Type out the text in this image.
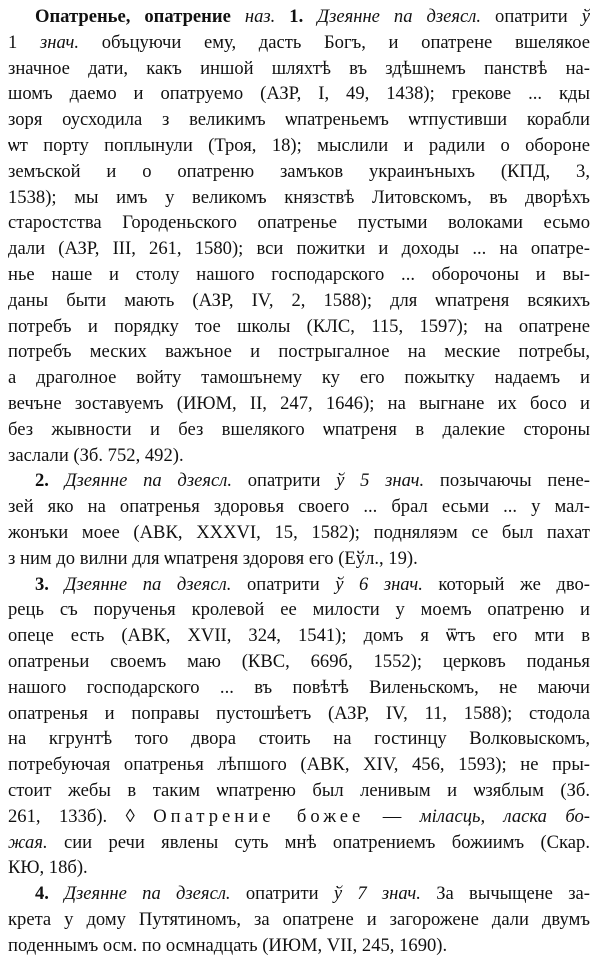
Опатренье, опатрение наз. 1. Дзеянне па дзеясл. опатрити ў
1 знач. объцуючи ему, дасть Богъ, и опатрене вшелякое
значное дати, какъ иншой шляхтѣ въ здѣшнемъ панствѣ на-
шомъ даемо и опатруемо (АЗР, I, 49, 1438); грекове ... кды
зоря оусходила з великимъ ѡпатреньемъ ѡтпустивши корабли
ѡт порту поплынули (Троя, 18); мыслили и радили о обороне
земъской и о опатреню замъков украинъныхъ (КПД, 3,
1538); мы имъ у великомъ князствѣ Литовскомъ, въ дворѣхъ
старостства Городеньского опатренье пустыми волоками есьмо
дали (АЗР, III, 261, 1580); вси пожитки и доходы ... на опатре-
нье наше и столу нашого господарского ... оборочоны и вы-
даны быти мають (АЗР, IV, 2, 1588); для ѡпатреня всякихъ
потребъ и порядку тое школы (КЛС, 115, 1597); на опатрене
потребъ меских важъное и пострыгалное на меские потребы,
а драголное войту тамошънему ку его пожытку надаемъ и
вечъне зоставуемъ (ИЮМ, II, 247, 1646); на выгнане их босо и
без жывности и без вшелякого ѡпатреня в далекие стороны
заслали (Зб. 752, 492).
2. Дзеянне па дзеясл. опатрити ў 5 знач. позычаючы пене-
зей яко на опатренья здоровья своего ... брал есьми ... у мал-
жонъки моее (АВК, XXXVI, 15, 1582); подняляэм се был пахат
з ним до вилни для ѡпатреня здоровя его (Еўл., 19).
3. Дзеянне па дзеясл. опатрити ў 6 знач. который же дво-
рець съ порученья кролевой ее милости у моемъ опатреню и
опеце есть (АВК, XVII, 324, 1541); домъ я ѿтъ его мти в
опатреньи своемъ маю (КВС, 669б, 1552); церковъ поданья
нашого господарского ... въ повѣтѣ Виленьскомъ, не маючи
опатренья и поправы пустошѣетъ (АЗР, IV, 11, 1588); стодола
на кгрунтѣ того двора стоить на гостинцу Волковыскомъ,
потребуючая опатренья лѣпшого (АВК, XIV, 456, 1593); не пры-
стоит жебы в таким ѡпатреню был ленивым и ѡзяблым (Зб.
261, 133б). ◊ Опатрение божее — міласць, ласка бо-
жая. сии речи явлены суть мнѣ опатрениемъ божиимъ (Скар.
КЮ, 18б).
4. Дзеянне па дзеясл. опатрити ў 7 знач. За вычыщене за-
крета у дому Путятиномъ, за опатрене и загорожене дали двумъ
поденнымъ осм. по осмнадцать (ИЮМ, VII, 245, 1690).
